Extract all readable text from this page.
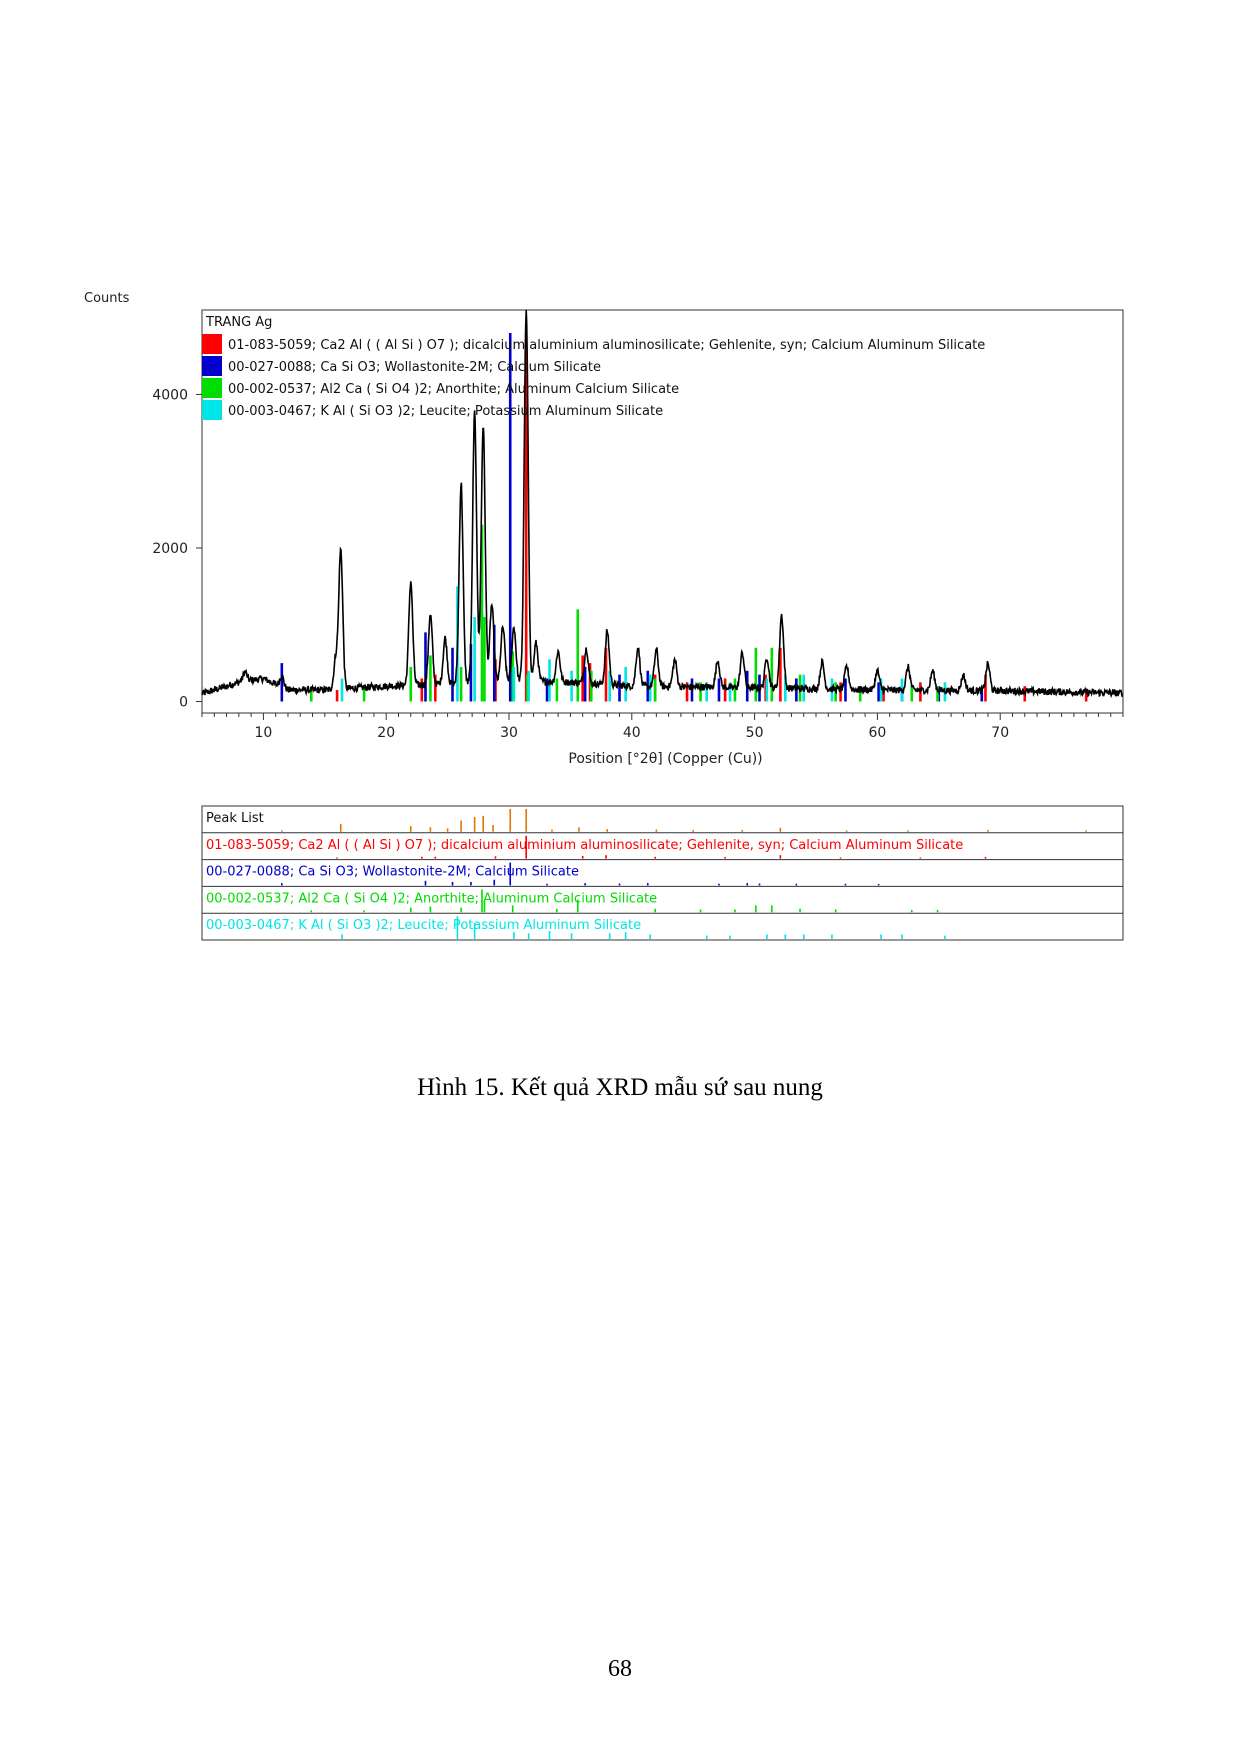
Counts
0
2000
4000
10	20	30	40	50	60	70
Position [°2θ] (Copper (Cu))
TRANG Ag
01-083-5059; Ca2 Al ( ( Al Si ) O7 ); dicalcium aluminium aluminosilicate; Gehlenite, syn; Calcium Aluminum Silicate
00-027-0088; Ca Si O3; Wollastonite-2M; Calcium Silicate
00-002-0537; Al2 Ca ( Si O4 )2; Anorthite; Aluminum Calcium Silicate
00-003-0467; K Al ( Si O3 )2; Leucite; Potassium Aluminum Silicate
Peak List
01-083-5059; Ca2 Al ( ( Al Si ) O7 ); dicalcium aluminium aluminosilicate; Gehlenite, syn; Calcium Aluminum Silicate
00-027-0088; Ca Si O3; Wollastonite-2M; Calcium Silicate
00-002-0537; Al2 Ca ( Si O4 )2; Anorthite; Aluminum Calcium Silicate
00-003-0467; K Al ( Si O3 )2; Leucite; Potassium Aluminum Silicate
Hình 15. Kết quả XRD mẫu sứ sau nung
68
